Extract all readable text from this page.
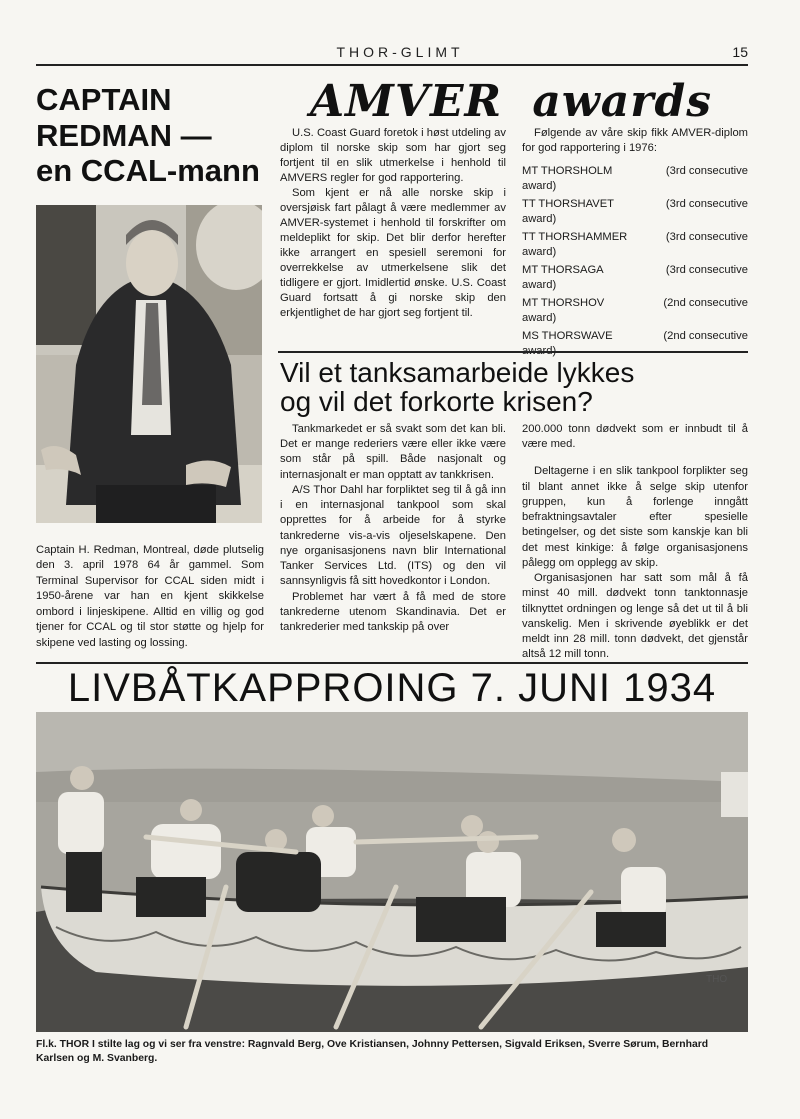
THOR-GLIMT	15
CAPTAIN
REDMAN —
en CCAL-mann
Captain H. Redman, Montreal, døde plutselig den 3. april 1978 64 år gammel. Som Terminal Supervisor for CCAL siden midt i 1950-årene var han en kjent skikkelse ombord i linjeskipene. Alltid en villig og god tjener for CCAL og til stor støtte og hjelp for skipene ved lasting og lossing.
AMVER awards

U.S. Coast Guard foretok i høst utdeling av diplom til norske skip som har gjort seg fortjent til en slik utmerkelse i henhold til AMVERS regler for god rapportering.

Som kjent er nå alle norske skip i oversjøisk fart pålagt å være medlemmer av AMVER-systemet i henhold til forskrifter om meldeplikt for skip. Det blir derfor herefter ikke arrangert en spesiell seremoni for overrekkelse av utmerkelsene slik det tidligere er gjort. Imidlertid ønske. U.S. Coast Guard fortsatt å gi norske skip den erkjentlighet de har gjort seg fortjent til.

Følgende av våre skip fikk AMVER-diplom for god rapportering i 1976:

MT THORSHOLM	(3rd consecutive
award)
TT THORSHAVET	(3rd consecutive
award)
TT THORSHAMMER	(3rd consecutive
award)
MT THORSAGA	(3rd consecutive
award)
MT THORSHOV	(2nd consecutive
award)
MS THORSWAVE	(2nd consecutive
Vil et tanksamarbeide lykkes
og vil det forkorte krisen?

Tankmarkedet er så svakt som det kan bli. Det er mange rederiers være eller ikke være som står på spill. Både nasjonalt og internasjonalt er man opptatt av tankkrisen.

A/S Thor Dahl har forpliktet seg til å gå inn i en internasjonal tankpool som skal opprettes for å arbeide for å styrke tankrederne vis-a-vis oljeselskapene. Den nye organisasjonens navn blir International Tanker Services Ltd. (ITS) og den vil sannsynligvis få sitt hovedkontor i London.

Problemet har vært å få med de store tankrederne utenom Skandinavia. Det er tankrederier med tankskip på over

200.000 tonn dødvekt som er innbudt til å være med.

Deltagerne i en slik tankpool forplikter seg til blant annet ikke å selge skip utenfor gruppen, kun å forlenge inngått befraktningsavtaler efter spesielle betingelser, og det siste som kanskje kan bli det mest kinkige: å følge organisasjonens pålegg om opplegg av skip.

Organisasjonen har satt som mål å få minst 40 mill. dødvekt tonn tanktonnasje tilknyttet ordningen og lenge så det ut til å bli vanskelig. Men i skrivende øyeblikk er det meldt inn 28 mill. tonn dødvekt, det gjenstår altså 12 mill tonn.

LIVBÅTKAPPROING 7. JUNI 1934
THO
Fl.k. THOR I stilte lag og vi ser fra venstre: Ragnvald Berg, Ove Kristiansen, Johnny Pettersen, Sigvald Eriksen, Sverre Sørum, Bernhard Karlsen og M. Svanberg.
